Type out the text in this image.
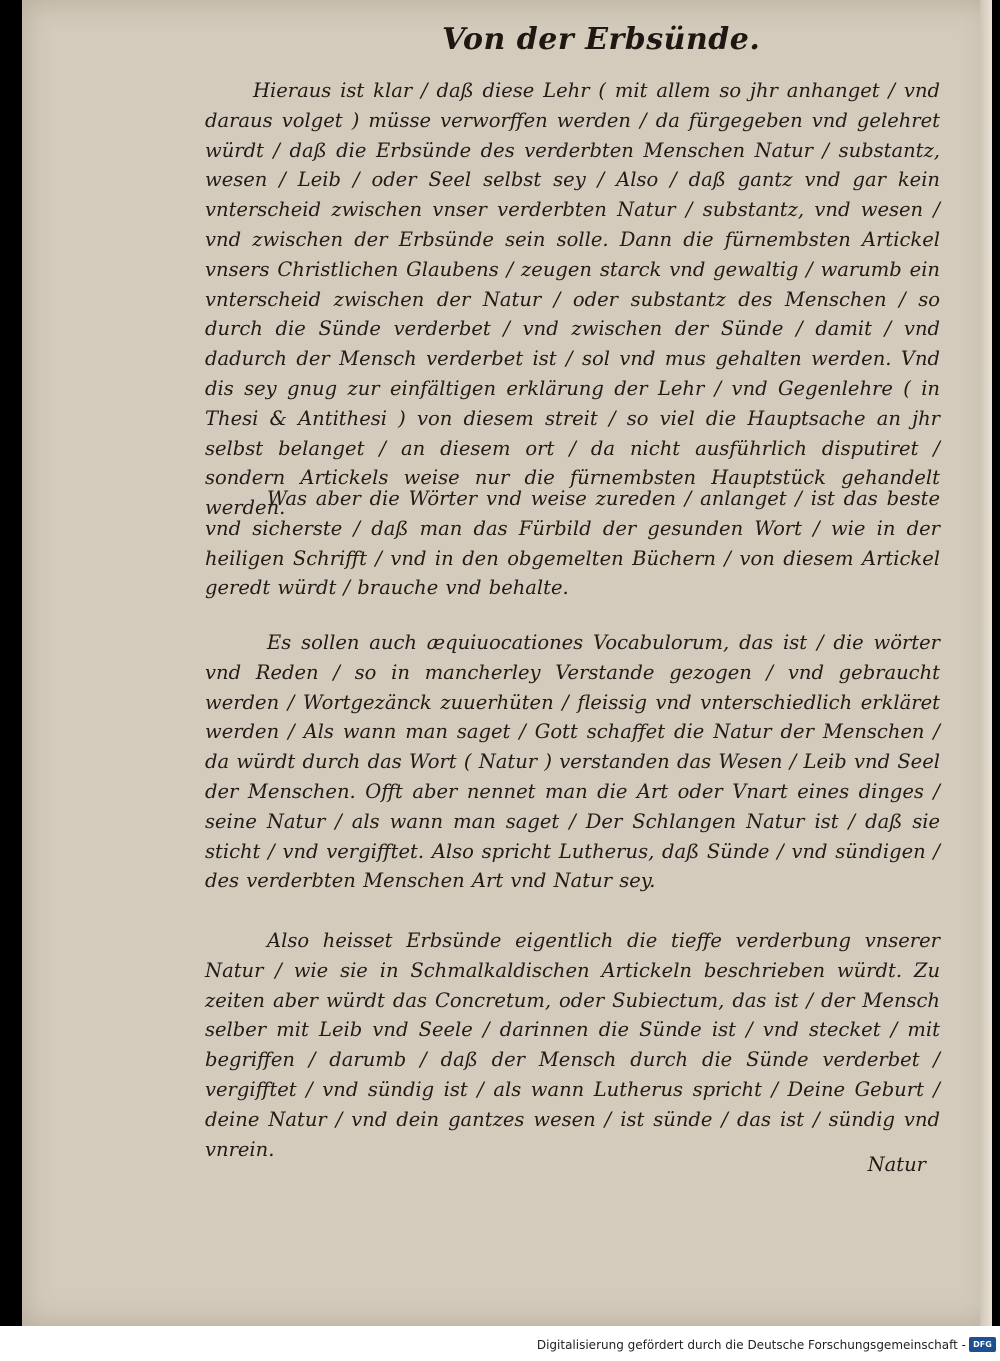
Von der Erbsünde.
Hieraus ist klar / daß diese Lehr ( mit allem so jhr anhanget / vnd daraus volget ) müsse verworffen werden / da fürgegeben vnd gelehret würdt / daß die Erbsünde des verderbten Menschen Natur / substantz, wesen / Leib / oder Seel selbst sey / Also / daß gantz vnd gar kein vnterscheid zwischen vnser verderbten Natur / substantz, vnd wesen / vnd zwischen der Erbsünde sein solle. Dann die fürnembsten Artickel vnsers Christlichen Glaubens / zeugen starck vnd gewaltig / warumb ein vnterscheid zwischen der Natur / oder substantz des Menschen / so durch die Sünde verderbet / vnd zwischen der Sünde / damit / vnd dadurch der Mensch verderbet ist / sol vnd mus gehalten werden. Vnd dis sey gnug zur einfältigen erklärung der Lehr / vnd Gegenlehre ( in Thesi & Antithesi ) von diesem streit / so viel die Hauptsache an jhr selbst belanget / an diesem ort / da nicht ausführlich disputiret / sondern Artickels weise nur die fürnembsten Hauptstück gehandelt werden.
Was aber die Wörter vnd weise zureden / anlanget / ist das beste vnd sicherste / daß man das Fürbild der gesunden Wort / wie in der heiligen Schrifft / vnd in den obgemelten Büchern / von diesem Artickel geredt würdt / brauche vnd behalte.
Es sollen auch æquiuocationes Vocabulorum, das ist / die wörter vnd Reden / so in mancherley Verstande gezogen / vnd gebraucht werden / Wortgezänck zuuerhüten / fleissig vnd vnterschiedlich erkläret werden / Als wann man saget / Gott schaffet die Natur der Menschen / da würdt durch das Wort ( Natur ) verstanden das Wesen / Leib vnd Seel der Menschen. Offt aber nennet man die Art oder Vnart eines dinges / seine Natur / als wann man saget / Der Schlangen Natur ist / daß sie sticht / vnd vergifftet. Also spricht Lutherus, daß Sünde / vnd sündigen / des verderbten Menschen Art vnd Natur sey.
Also heisset Erbsünde eigentlich die tieffe verderbung vnserer Natur / wie sie in Schmalkaldischen Artickeln beschrieben würdt. Zu zeiten aber würdt das Concretum, oder Subiectum, das ist / der Mensch selber mit Leib vnd Seele / darinnen die Sünde ist / vnd stecket / mit begriffen / darumb / daß der Mensch durch die Sünde verderbet / vergifftet / vnd sündig ist / als wann Lutherus spricht / Deine Geburt / deine Natur / vnd dein gantzes wesen / ist sünde / das ist / sündig vnd vnrein.
Natur
Digitalisierung gefördert durch die Deutsche Forschungsgemeinschaft - DFG
